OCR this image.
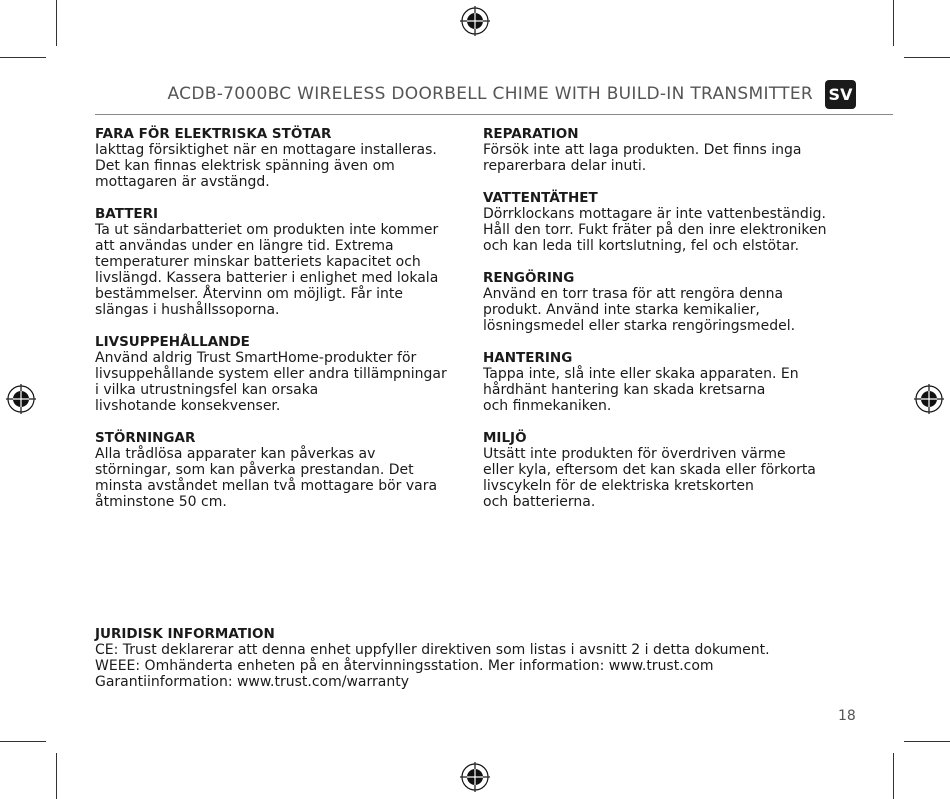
ACDB-7000BC WIRELESS DOORBELL CHIME WITH BUILD-IN TRANSMITTER SV
FARA FÖR ELEKTRISKA STÖTAR
Iakttag försiktighet när en mottagare installeras.
Det kan finnas elektrisk spänning även om
mottagaren är avstängd.
BATTERI
Ta ut sändarbatteriet om produkten inte kommer
att användas under en längre tid. Extrema
temperaturer minskar batteriets kapacitet och
livslängd. Kassera batterier i enlighet med lokala
bestämmelser. Återvinn om möjligt. Får inte
slängas i hushållssoporna.
LIVSUPPEHÅLLANDE
Använd aldrig Trust SmartHome-produkter för
livsuppehållande system eller andra tillämpningar
i vilka utrustningsfel kan orsaka
livshotande konsekvenser.
STÖRNINGAR
Alla trådlösa apparater kan påverkas av
störningar, som kan påverka prestandan. Det
minsta avståndet mellan två mottagare bör vara
åtminstone 50 cm.
REPARATION
Försök inte att laga produkten. Det finns inga
reparerbara delar inuti.
VATTENTÄTHET
Dörrklockans mottagare är inte vattenbeständig.
Håll den torr. Fukt fräter på den inre elektroniken
och kan leda till kortslutning, fel och elstötar.
RENGÖRING
Använd en torr trasa för att rengöra denna
produkt. Använd inte starka kemikalier,
lösningsmedel eller starka rengöringsmedel.
HANTERING
Tappa inte, slå inte eller skaka apparaten. En
hårdhänt hantering kan skada kretsarna
och finmekaniken.
MILJÖ
Utsätt inte produkten för överdriven värme
eller kyla, eftersom det kan skada eller förkorta
livscykeln för de elektriska kretskorten
och batterierna.
JURIDISK INFORMATION
CE: Trust deklarerar att denna enhet uppfyller direktiven som listas i avsnitt 2 i detta dokument.
WEEE: Omhänderta enheten på en återvinningsstation. Mer information: www.trust.com
Garantiinformation: www.trust.com/warranty
18
